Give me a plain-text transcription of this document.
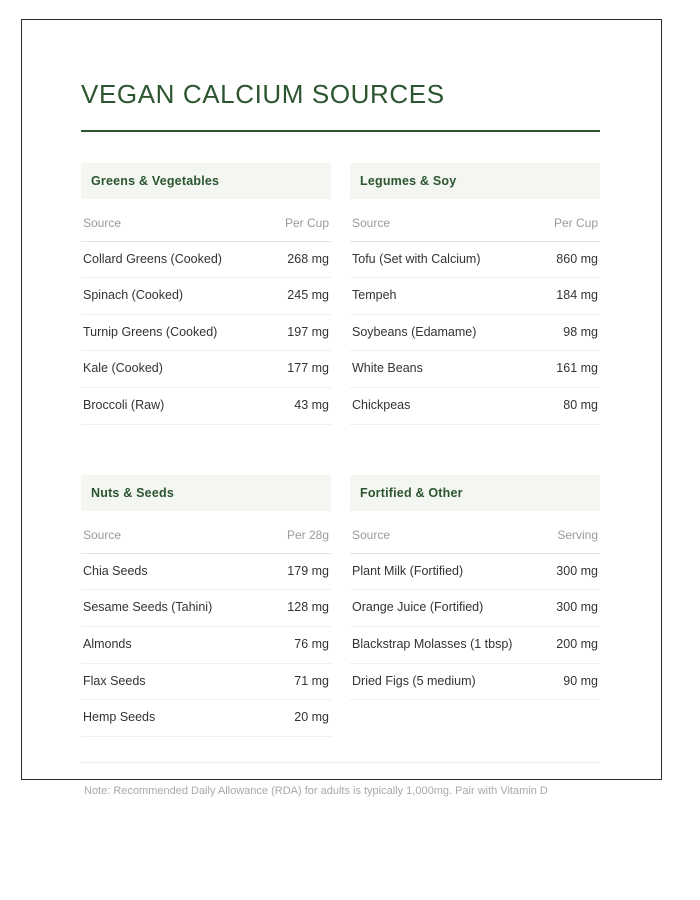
VEGAN CALCIUM SOURCES
Greens & Vegetables
Source	Per Cup
Collard Greens (Cooked)	268 mg
Spinach (Cooked)	245 mg
Turnip Greens (Cooked)	197 mg
Kale (Cooked)	177 mg
Broccoli (Raw)	43 mg
Legumes & Soy
Source	Per Cup
Tofu (Set with Calcium)	860 mg
Tempeh	184 mg
Soybeans (Edamame)	98 mg
White Beans	161 mg
Chickpeas	80 mg
Nuts & Seeds
Source	Per 28g
Chia Seeds	179 mg
Sesame Seeds (Tahini)	128 mg
Almonds	76 mg
Flax Seeds	71 mg
Hemp Seeds	20 mg
Fortified & Other
Source	Serving
Plant Milk (Fortified)	300 mg
Orange Juice (Fortified)	300 mg
Blackstrap Molasses (1 tbsp)	200 mg
Dried Figs (5 medium)	90 mg
Note: Recommended Daily Allowance (RDA) for adults is typically 1,000mg. Pair with Vitamin D
